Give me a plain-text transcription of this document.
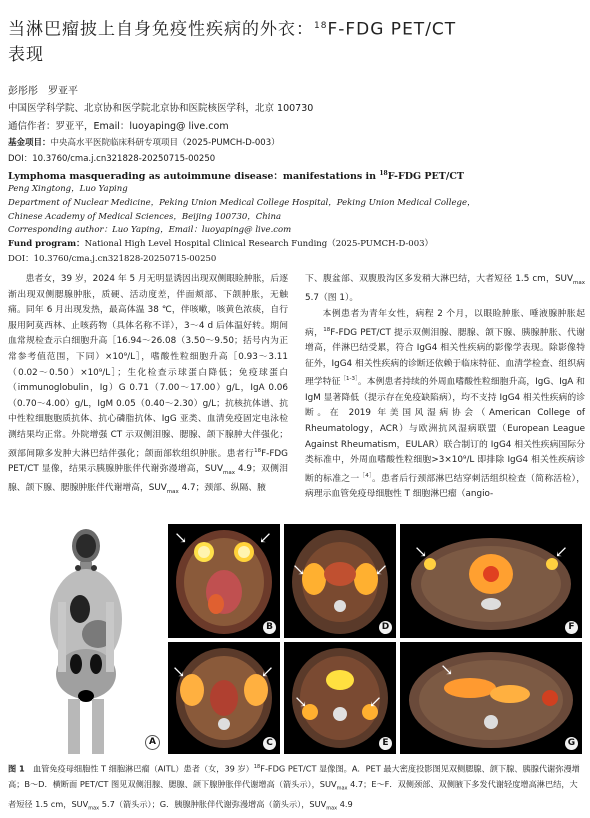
当淋巴瘤披上自身免疫性疾病的外衣：$^{18}$F-FDG PET/CT
表现
彭彤彤　罗亚平
中国医学科学院、北京协和医学院北京协和医院核医学科，北京 100730
通信作者：罗亚平，Email：luoyaping@ live.com
基金项目：中央高水平医院临床科研专项项目（2025-PUMCH-D-003）
DOI：10.3760/cma.j.cn321828-20250715-00250
Lymphoma masquerading as autoimmune disease：manifestations in $^{18}$F-FDG PET/CT
Peng Xingtong，Luo Yaping
Department of Nuclear Medicine，Peking Union Medical College Hospital，Peking Union Medical College，
Chinese Academy of Medical Sciences，Beijing 100730，China
Corresponding author：Luo Yaping，Email：luoyaping@ live.com
Fund program：National High Level Hospital Clinical Research Funding（2025-PUMCH-D-003）
DOI：10.3760/cma.j.cn321828-20250715-00250

患者女，39 岁，2024 年 5 月无明显诱因出现双侧眼睑肿胀，后逐渐出现双侧腮腺肿胀，质硬、活动度差，伴面颊部、下颌肿胀，无触痛。同年 6 月出现发热，最高体温 38 ℃，伴咳嗽，咳黄色浓痰，自行服用阿莫西林、止咳药物（具体名称不详），3～4 d 后体温好转。期间血常规检查示白细胞升高［16.94～26.08（3.50～9.50；括号内为正常参考值范围，下同）×10⁹/L］，嗜酸性粒细胞升高［0.93～3.11（0.02～0.50）×10⁹/L］；生化检查示球蛋白降低；免疫球蛋白（immunoglobulin，Ig）G 0.71（7.00～17.00）g/L，IgA 0.06（0.70～4.00）g/L，IgM 0.05（0.40～2.30）g/L；抗核抗体谱、抗中性粒细胞胞质抗体、抗心磷脂抗体、IgG 亚类、血清免疫固定电泳检测结果均正常。外院增强 CT 示双侧泪腺、腮腺、颌下腺肿大伴强化；颈部间隙多发肿大淋巴结伴强化；颌面部软组织肿胀。患者行$^{18}$F-FDG PET/CT 显像，结果示胰腺肿胀伴代谢弥漫增高，$SUV_{max}$ 4.9；双侧泪腺、颌下腺、腮腺肿胀伴代谢增高，$SUV_{max}$ 4.7；颈部、纵隔、腋

下、腹盆部、双腹股沟区多发稍大淋巴结，大者短径 1.5 cm，$SUV_{max}$ 5.7（图 1）。

本例患者为青年女性，病程 2 个月，以眼睑肿胀、唾液腺肿胀起病，$^{18}$F-FDG PET/CT 提示双侧泪腺、腮腺、颌下腺、胰腺肿胀、代谢增高，伴淋巴结受累，符合 IgG4 相关性疾病的影像学表现。除影像特征外，IgG4 相关性疾病的诊断还依赖于临床特征、血清学检查、组织病理学特征$^{[1-3]}$。本例患者持续的外周血嗜酸性粒细胞升高，IgG、IgA 和 IgM 显著降低（提示存在免疫缺陷病），均不支持 IgG4 相关性疾病的诊断。在 2019 年美国风湿病协会（American College of Rheumatology，ACR）与欧洲抗风湿病联盟（European League Against Rheumatism，EULAR）联合制订的 IgG4 相关性疾病国际分类标准中，外周血嗜酸性粒细胞>3×10⁹/L 即排除 IgG4 相关性疾病诊断的标准之一$^{[4]}$。患者后行颈部淋巴结穿刺活组织检查（简称活检），病理示血管免疫母细胞性 T 细胞淋巴瘤（angio-

A
↘	↙
B
↘	↙
D
↘	↙
F
↘	↙
C
↘	↙
E
↘
G
图 1　血管免疫母细胞性 T 细胞淋巴瘤（AITL）患者（女，39 岁）$^{18}$F-FDG PET/CT 显像图。A．PET 最大密度投影图见双侧腮腺、颌下腺、胰腺代谢弥漫增高；B～D．横断面 PET/CT 图见双侧泪腺、腮腺、颌下腺肿胀伴代谢增高（箭头示），$SUV_{max}$ 4.7；E～F．双侧颈部、双侧腋下多发代谢轻度增高淋巴结，大者短径 1.5 cm，$SUV_{max}$ 5.7（箭头示）；G．胰腺肿胀伴代谢弥漫增高（箭头示），$SUV_{max}$ 4.9
